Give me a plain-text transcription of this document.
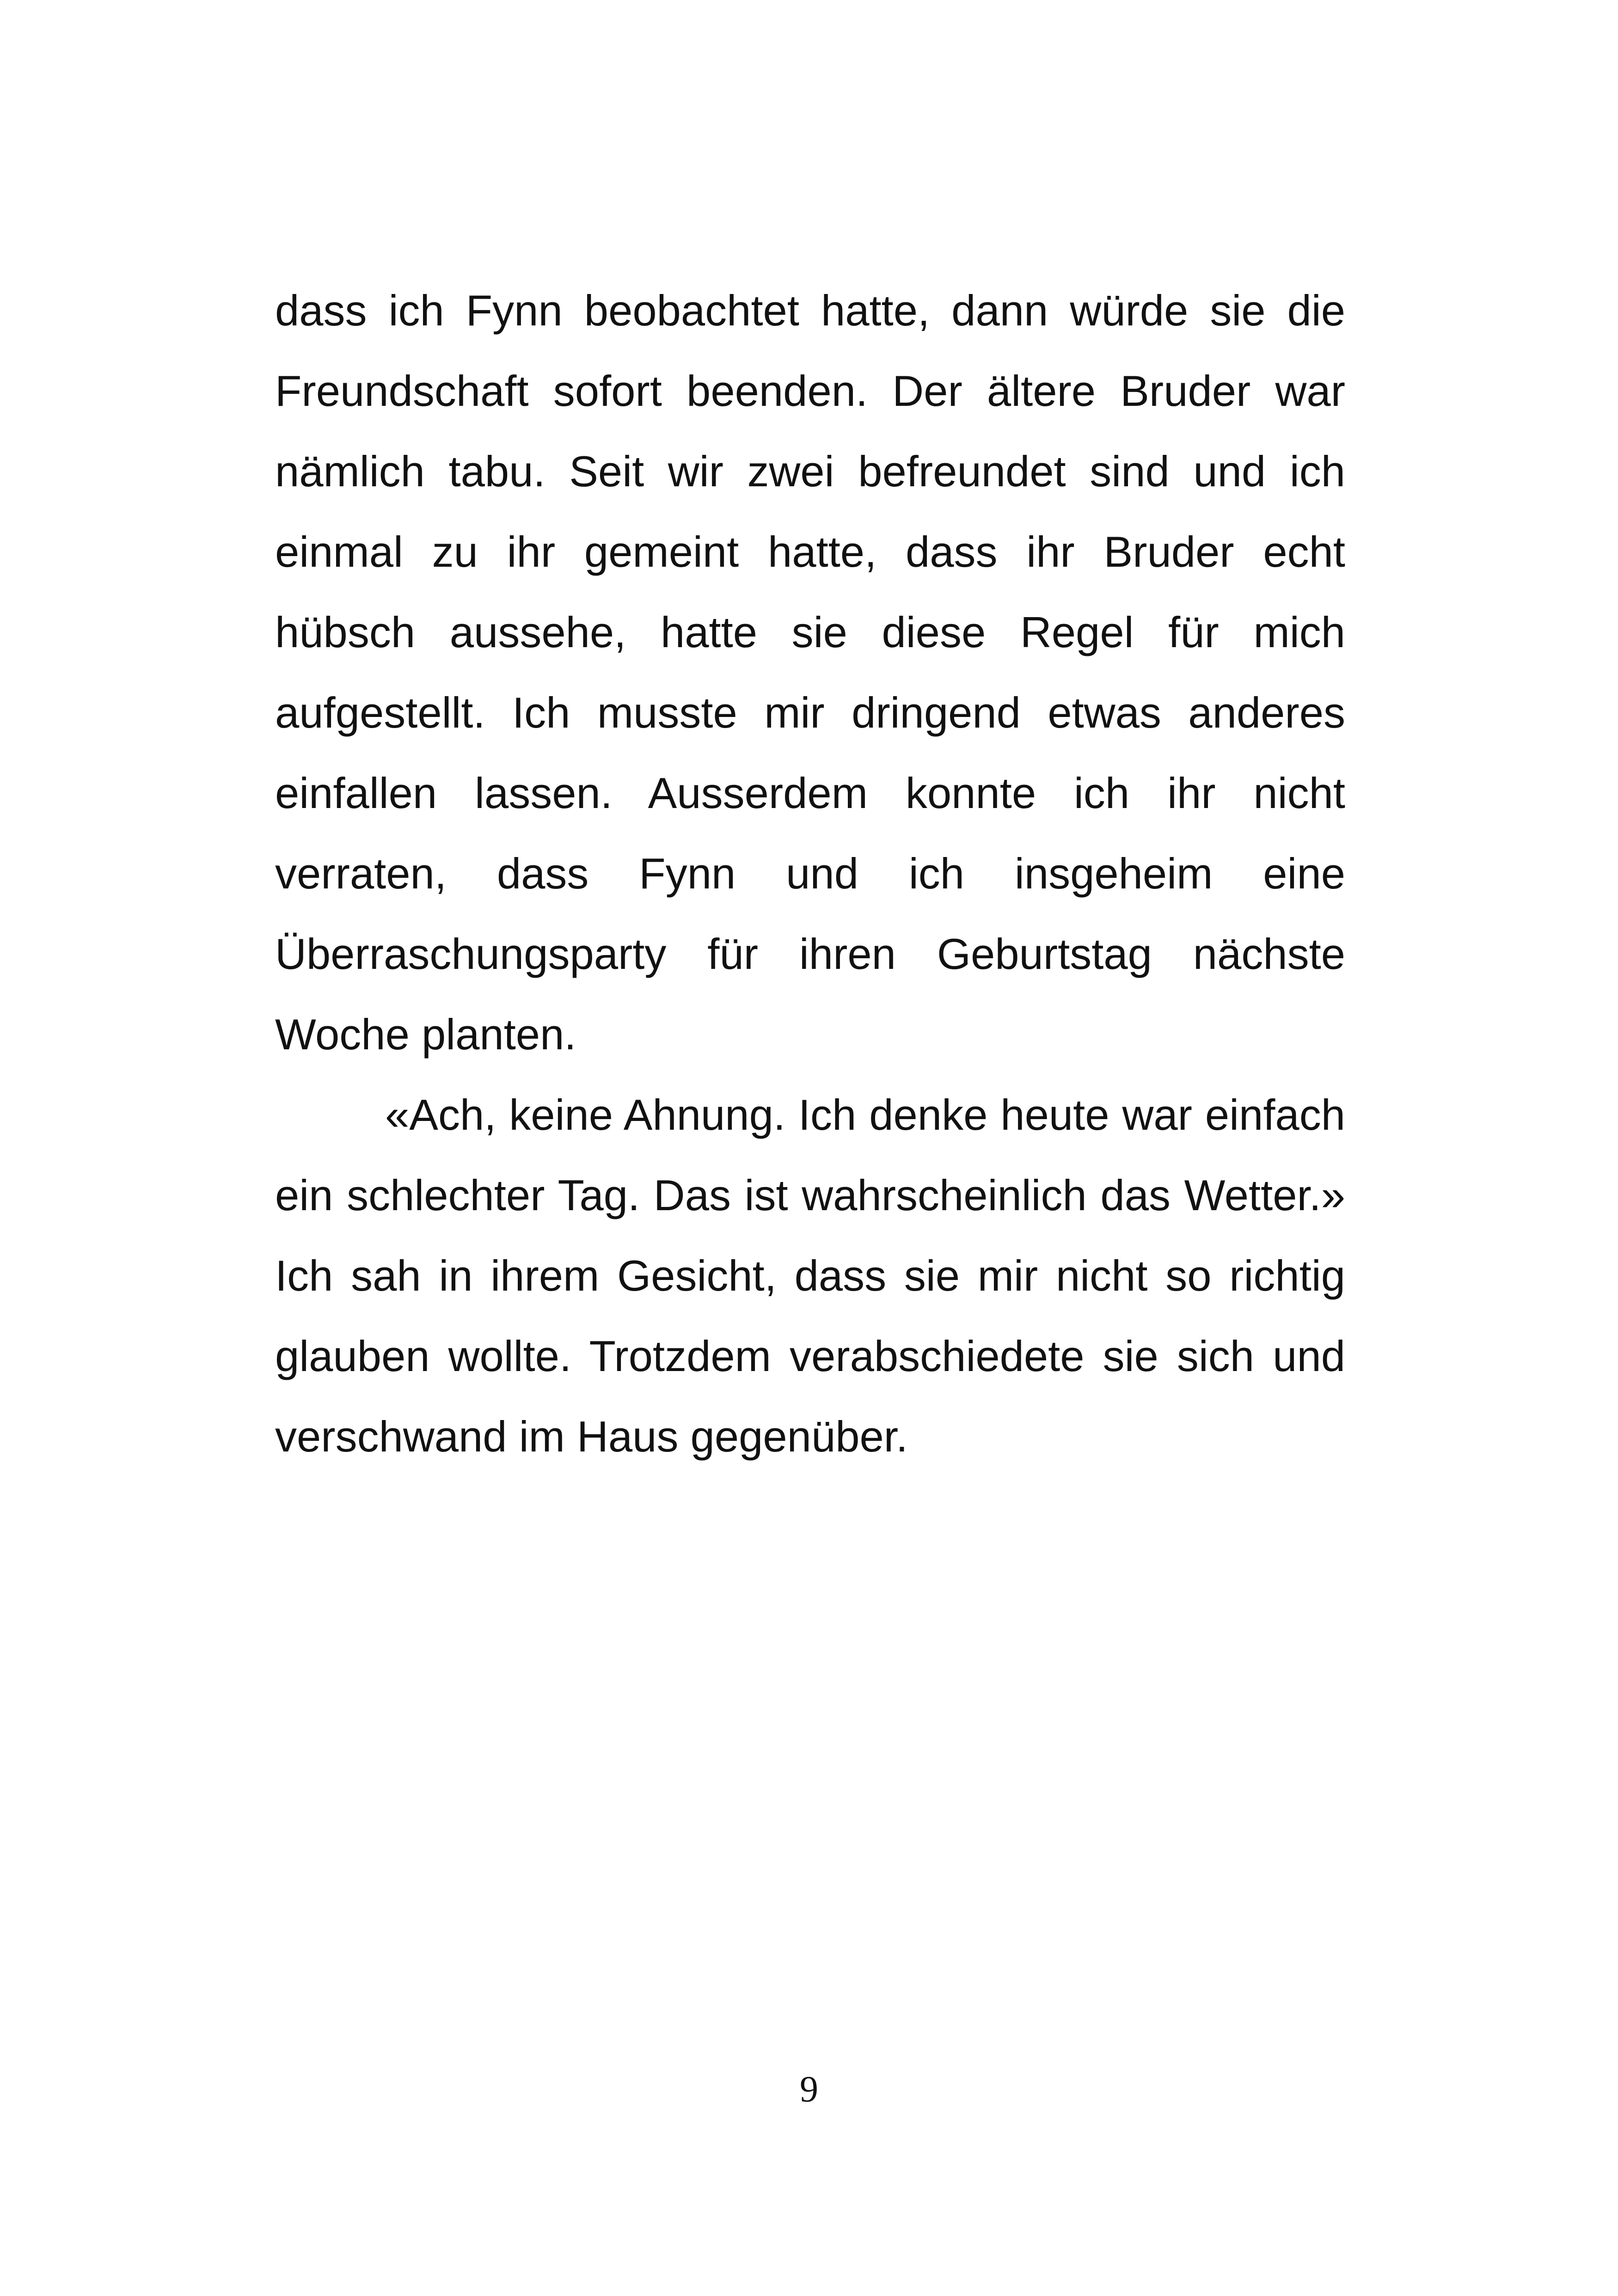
dass ich Fynn beobachtet hatte, dann würde sie die Freundschaft sofort beenden. Der ältere Bruder war nämlich tabu. Seit wir zwei befreundet sind und ich einmal zu ihr gemeint hatte, dass ihr Bruder echt hübsch aussehe, hatte sie diese Regel für mich aufgestellt. Ich musste mir dringend etwas anderes einfallen lassen. Ausserdem konnte ich ihr nicht verraten, dass Fynn und ich insgeheim eine Überraschungsparty für ihren Geburtstag nächste Woche planten.

«Ach, keine Ahnung. Ich denke heute war einfach ein schlechter Tag. Das ist wahrscheinlich das Wetter.» Ich sah in ihrem Gesicht, dass sie mir nicht so richtig glauben wollte. Trotzdem verabschiedete sie sich und verschwand im Haus gegenüber.

9
